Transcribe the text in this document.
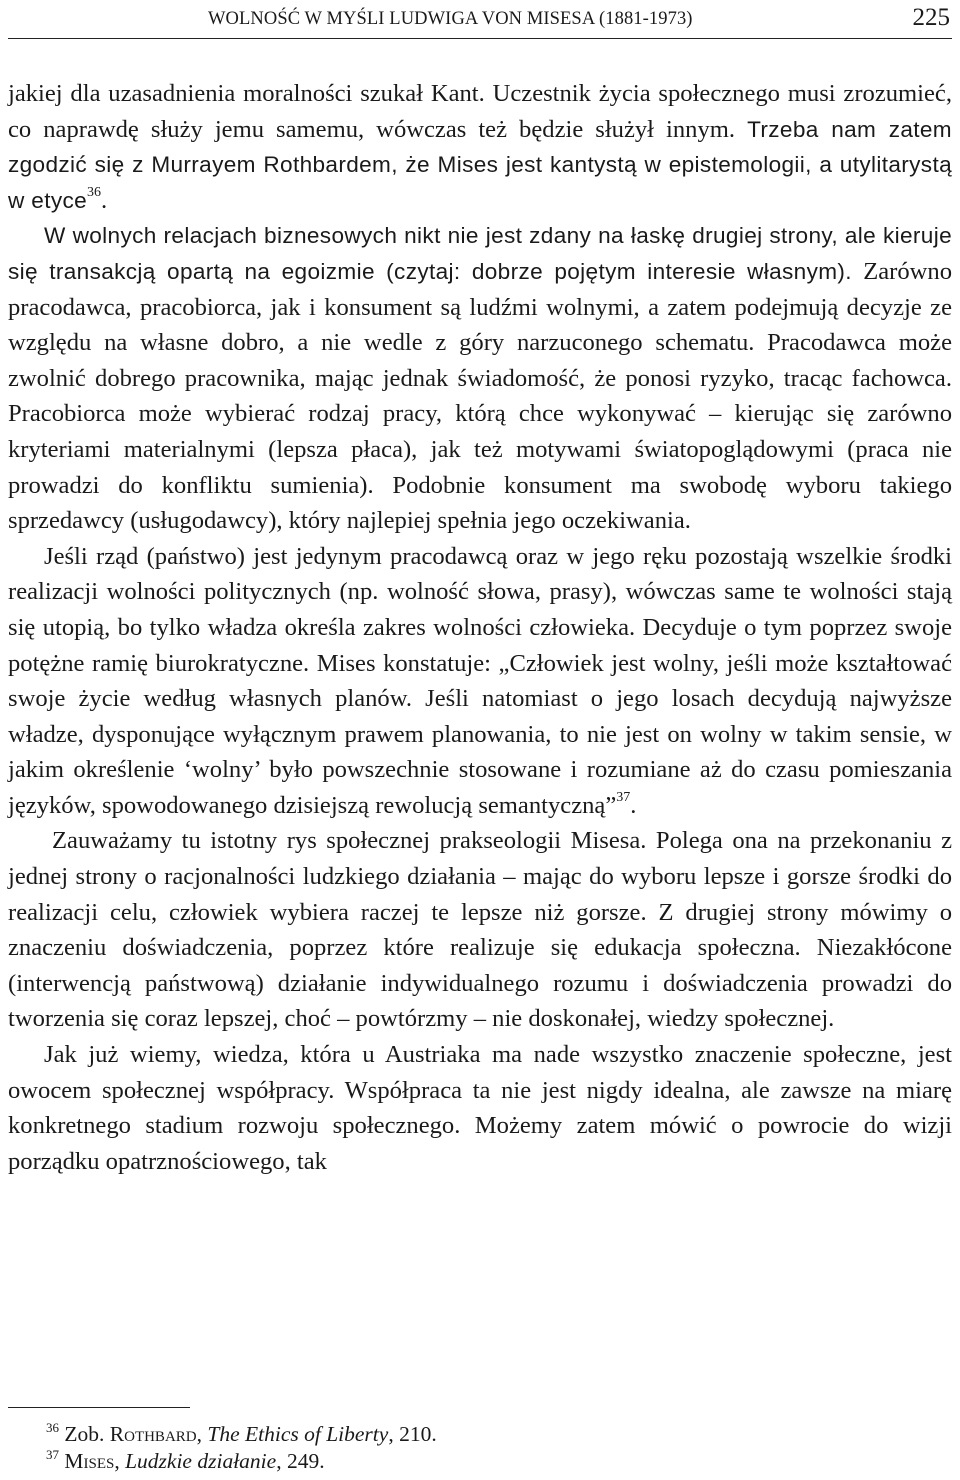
WOLNOŚĆ W MYŚLI LUDWIGA VON MISESA (1881-1973)	225

jakiej dla uzasadnienia moralności szukał Kant. Uczestnik życia społecznego musi zrozumieć, co naprawdę służy jemu samemu, wówczas też będzie służył innym. Trzeba nam zatem zgodzić się z Murrayem Rothbardem, że Mises jest kantystą w epistemologii, a utylitarystą w etyce$^{36}$.

W wolnych relacjach biznesowych nikt nie jest zdany na łaskę drugiej strony, ale kieruje się transakcją opartą na egoizmie (czytaj: dobrze pojętym interesie własnym). Zarówno pracodawca, pracobiorca, jak i konsument są ludźmi wolnymi, a zatem podejmują decyzje ze względu na własne dobro, a nie wedle z góry narzuconego schematu. Pracodawca może zwolnić dobrego pracownika, mając jednak świadomość, że ponosi ryzyko, tracąc fachowca. Pracobiorca może wybierać rodzaj pracy, którą chce wykonywać – kierując się zarówno kryteriami materialnymi (lepsza płaca), jak też motywami światopoglądowymi (praca nie prowadzi do konfliktu sumienia). Podobnie konsument ma swobodę wyboru takiego sprzedawcy (usługodawcy), który najlepiej spełnia jego oczekiwania.

Jeśli rząd (państwo) jest jedynym pracodawcą oraz w jego ręku pozostają wszelkie środki realizacji wolności politycznych (np. wolność słowa, prasy), wówczas same te wolności stają się utopią, bo tylko władza określa zakres wolności człowieka. Decyduje o tym poprzez swoje potężne ramię biurokratyczne. Mises konstatuje: „Człowiek jest wolny, jeśli może kształtować swoje życie według własnych planów. Jeśli natomiast o jego losach decydują najwyższe władze, dysponujące wyłącznym prawem planowania, to nie jest on wolny w takim sensie, w jakim określenie ‘wolny’ było powszechnie stosowane i rozumiane aż do czasu pomieszania języków, spowodowanego dzisiejszą rewolucją semantyczną”$^{37}$.

Zauważamy tu istotny rys społecznej prakseologii Misesa. Polega ona na przekonaniu z jednej strony o racjonalności ludzkiego działania – mając do wyboru lepsze i gorsze środki do realizacji celu, człowiek wybiera raczej te lepsze niż gorsze. Z drugiej strony mówimy o znaczeniu doświadczenia, poprzez które realizuje się edukacja społeczna. Niezakłócone (interwencją państwową) działanie indywidualnego rozumu i doświadczenia prowadzi do tworzenia się coraz lepszej, choć – powtórzmy – nie doskonałej, wiedzy społecznej.

Jak już wiemy, wiedza, która u Austriaka ma nade wszystko znaczenie społeczne, jest owocem społecznej współpracy. Współpraca ta nie jest nigdy idealna, ale zawsze na miarę konkretnego stadium rozwoju społecznego. Możemy zatem mówić o powrocie do wizji porządku opatrznościowego, tak

$^{36}$ Zob. Rothbard, The Ethics of Liberty, 210.
$^{37}$ Mises, Ludzkie działanie, 249.
